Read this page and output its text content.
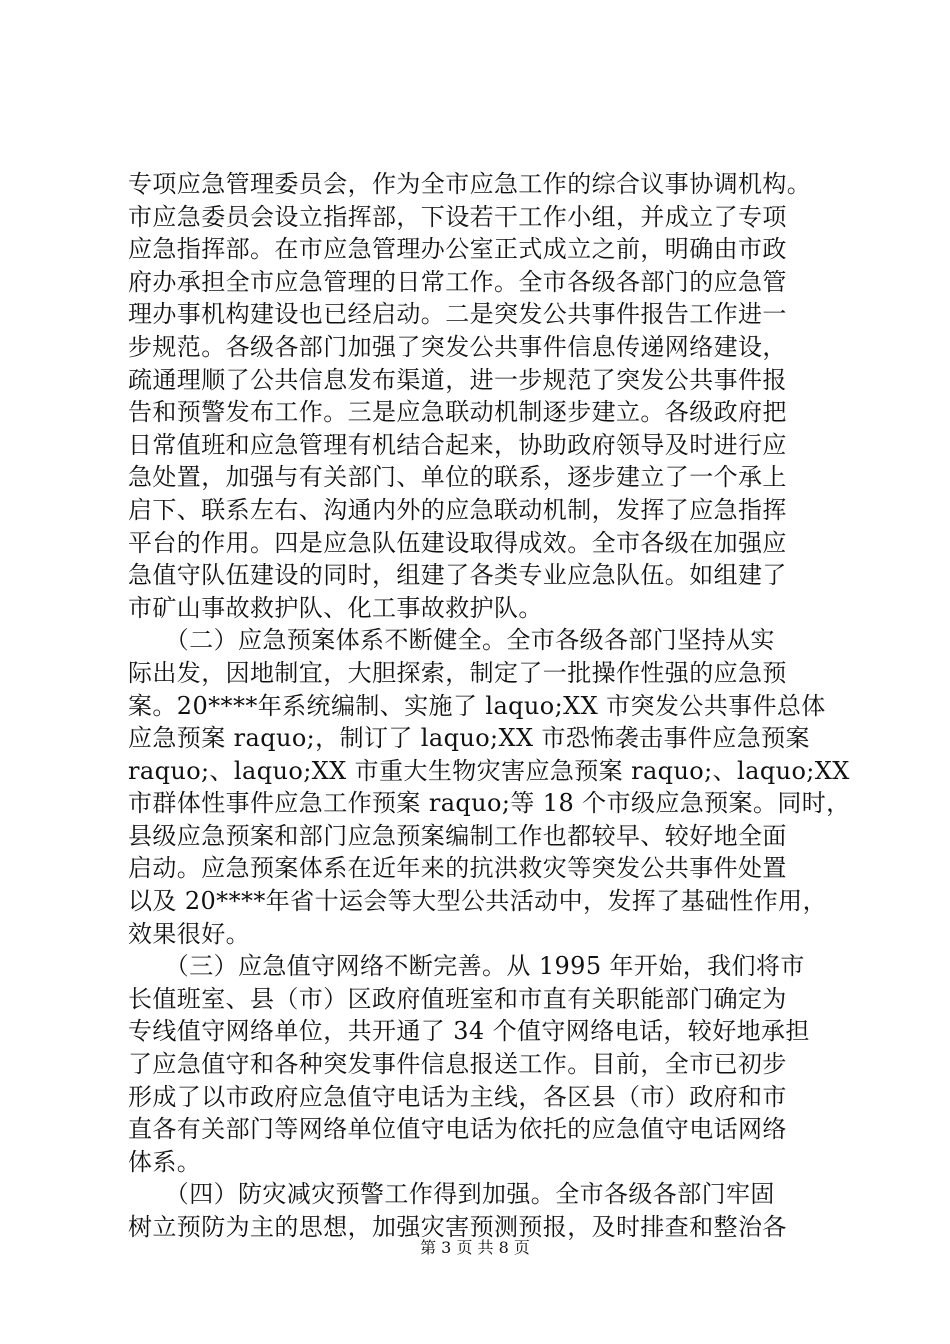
专项应急管理委员会，作为全市应急工作的综合议事协调机构。
市应急委员会设立指挥部，下设若干工作小组，并成立了专项
应急指挥部。在市应急管理办公室正式成立之前，明确由市政
府办承担全市应急管理的日常工作。全市各级各部门的应急管
理办事机构建设也已经启动。二是突发公共事件报告工作进一
步规范。各级各部门加强了突发公共事件信息传递网络建设，
疏通理顺了公共信息发布渠道，进一步规范了突发公共事件报
告和预警发布工作。三是应急联动机制逐步建立。各级政府把
日常值班和应急管理有机结合起来，协助政府领导及时进行应
急处置，加强与有关部门、单位的联系，逐步建立了一个承上
启下、联系左右、沟通内外的应急联动机制，发挥了应急指挥
平台的作用。四是应急队伍建设取得成效。全市各级在加强应
急值守队伍建设的同时，组建了各类专业应急队伍。如组建了
市矿山事故救护队、化工事故救护队。
　　（二）应急预案体系不断健全。全市各级各部门坚持从实
际出发，因地制宜，大胆探索，制定了一批操作性强的应急预
案。20****年系统编制、实施了 laquo;XX 市突发公共事件总体
应急预案 raquo;，制订了 laquo;XX 市恐怖袭击事件应急预案
raquo;、laquo;XX 市重大生物灾害应急预案 raquo;、laquo;XX
市群体性事件应急工作预案 raquo;等 18 个市级应急预案。同时，
县级应急预案和部门应急预案编制工作也都较早、较好地全面
启动。应急预案体系在近年来的抗洪救灾等突发公共事件处置
以及 20****年省十运会等大型公共活动中，发挥了基础性作用，
效果很好。
　　（三）应急值守网络不断完善。从 1995 年开始，我们将市
长值班室、县（市）区政府值班室和市直有关职能部门确定为
专线值守网络单位，共开通了 34 个值守网络电话，较好地承担
了应急值守和各种突发事件信息报送工作。目前，全市已初步
形成了以市政府应急值守电话为主线，各区县（市）政府和市
直各有关部门等网络单位值守电话为依托的应急值守电话网络
体系。
　　（四）防灾减灾预警工作得到加强。全市各级各部门牢固
树立预防为主的思想，加强灾害预测预报，及时排查和整治各
第 3 页 共 8 页
